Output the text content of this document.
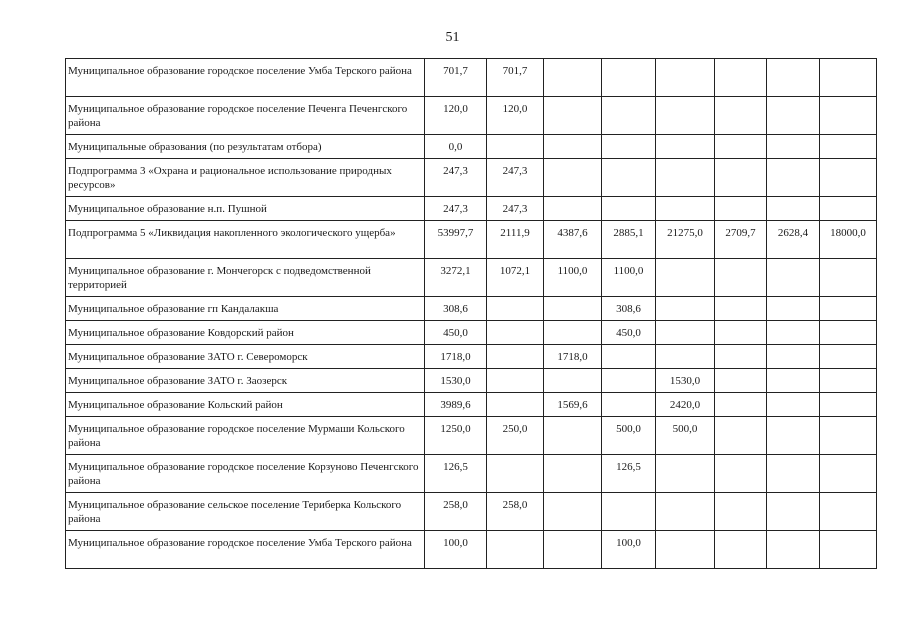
51
Муниципальное образование городское поселение Умба Терского района	701,7	701,7						
Муниципальное образование городское поселение Печенга Печенгского района	120,0	120,0						
Муниципальные образования (по результатам отбора)	0,0							
Подпрограмма 3 «Охрана и рациональное использование природных ресурсов»	247,3	247,3						
Муниципальное образование н.п. Пушной	247,3	247,3						
Подпрограмма 5 «Ликвидация накопленного экологического ущерба»	53997,7	2111,9	4387,6	2885,1	21275,0	2709,7	2628,4	18000,0
Муниципальное образование г. Мончегорск с подведомственной территорией	3272,1	1072,1	1100,0	1100,0				
Муниципальное образование гп Кандалакша	308,6			308,6				
Муниципальное образование Ковдорский район	450,0			450,0				
Муниципальное образование ЗАТО г. Североморск	1718,0		1718,0					
Муниципальное образование ЗАТО г. Заозерск	1530,0				1530,0			
Муниципальное образование Кольский район	3989,6		1569,6		2420,0			
Муниципальное образование городское поселение Мурмаши Кольского района	1250,0	250,0		500,0	500,0			
Муниципальное образование городское поселение Корзуново Печенгского района	126,5			126,5				
Муниципальное образование сельское поселение Териберка Кольского района	258,0	258,0						
Муниципальное образование городское поселение Умба Терского района	100,0			100,0				
